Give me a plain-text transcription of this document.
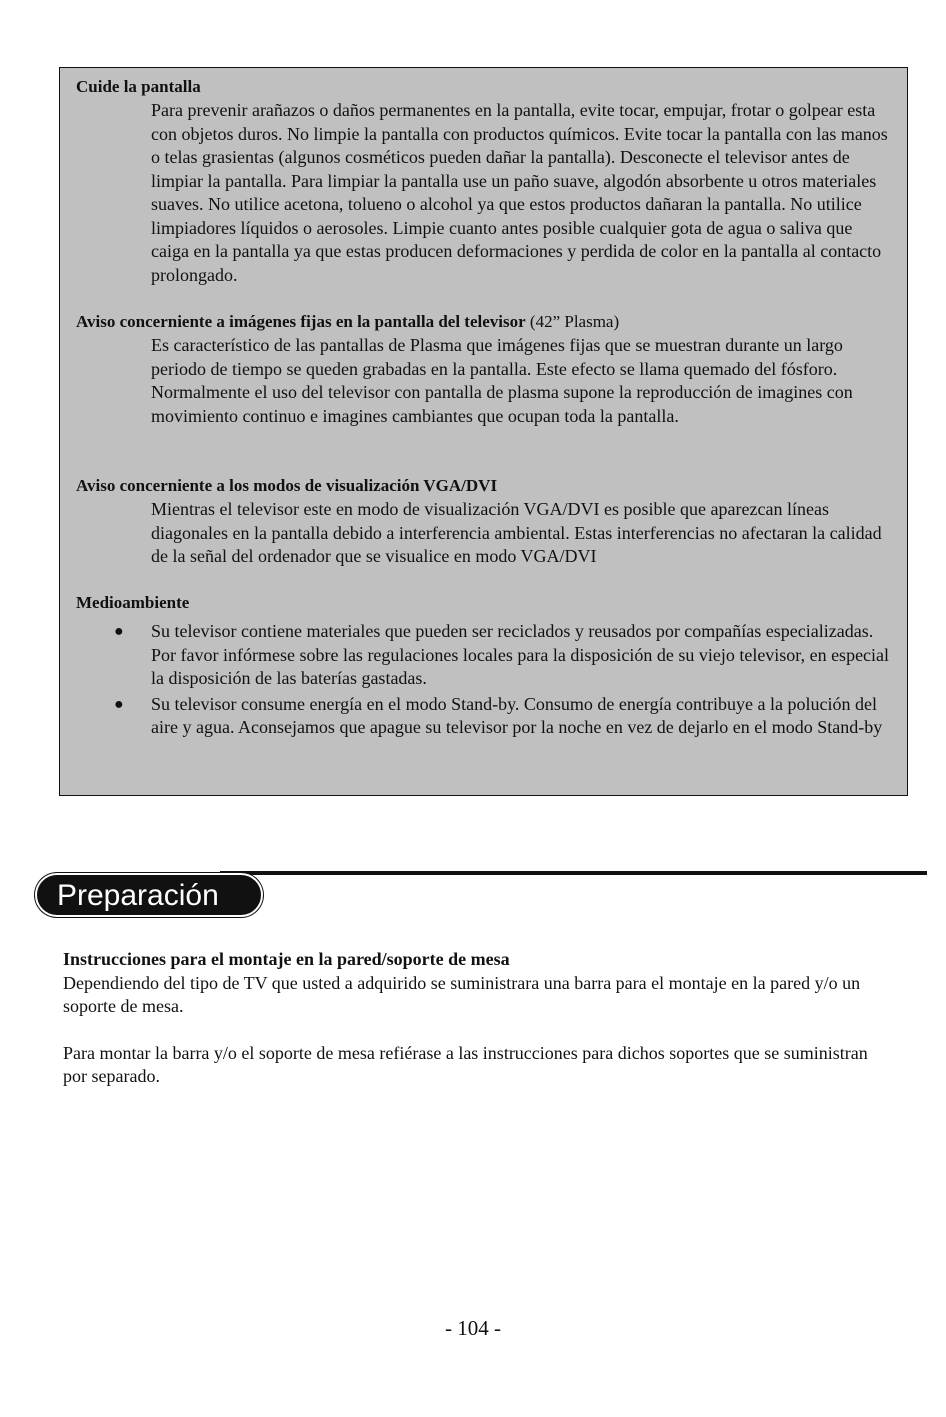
Cuide la pantalla

Para prevenir arañazos o daños permanentes en la pantalla, evite tocar, empujar, frotar o golpear esta con objetos duros. No limpie la pantalla con productos químicos. Evite tocar la pantalla con las manos o telas grasientas (algunos cosméticos pueden dañar la pantalla). Desconecte el televisor antes de limpiar la pantalla. Para limpiar la pantalla use un paño suave, algodón absorbente u otros materiales suaves. No utilice acetona, tolueno o alcohol ya que estos productos dañaran la pantalla. No utilice limpiadores líquidos o aerosoles. Limpie cuanto antes posible cualquier gota de agua o saliva que caiga en la pantalla ya que estas producen deformaciones y perdida de color en la pantalla al contacto prolongado.

Aviso concerniente a imágenes fijas en la pantalla del televisor (42” Plasma)

Es característico de las pantallas de Plasma que imágenes fijas que se muestran durante un largo periodo de tiempo se queden grabadas en la pantalla. Este efecto se llama quemado del fósforo.

Normalmente el uso del televisor con pantalla de plasma supone la reproducción de imagines con movimiento continuo e imagines cambiantes que ocupan toda la pantalla.

Aviso concerniente a los modos de visualización VGA/DVI

Mientras el televisor este en modo de visualización VGA/DVI es posible que aparezcan líneas diagonales en la pantalla debido a interferencia ambiental. Estas interferencias no afectaran la calidad de la señal del ordenador que se visualice en modo VGA/DVI

Medioambiente

● Su televisor contiene materiales que pueden ser reciclados y reusados por compañías especializadas. Por favor infórmese sobre las regulaciones locales para la disposición de su viejo televisor, en especial la disposición de las baterías gastadas.
● Su televisor consume energía en el modo Stand-by. Consumo de energía contribuye a la polución del aire y agua. Aconsejamos que apague su televisor por la noche en vez de dejarlo en el modo Stand-by
Preparación

Instrucciones para el montaje en la pared/soporte de mesa

Dependiendo del tipo de TV que usted a adquirido se suministrara una barra para el montaje en la pared y/o un soporte de mesa.

Para montar la barra y/o el soporte de mesa refiérase a las instrucciones para dichos soportes que se suministran por separado.

- 104 -
